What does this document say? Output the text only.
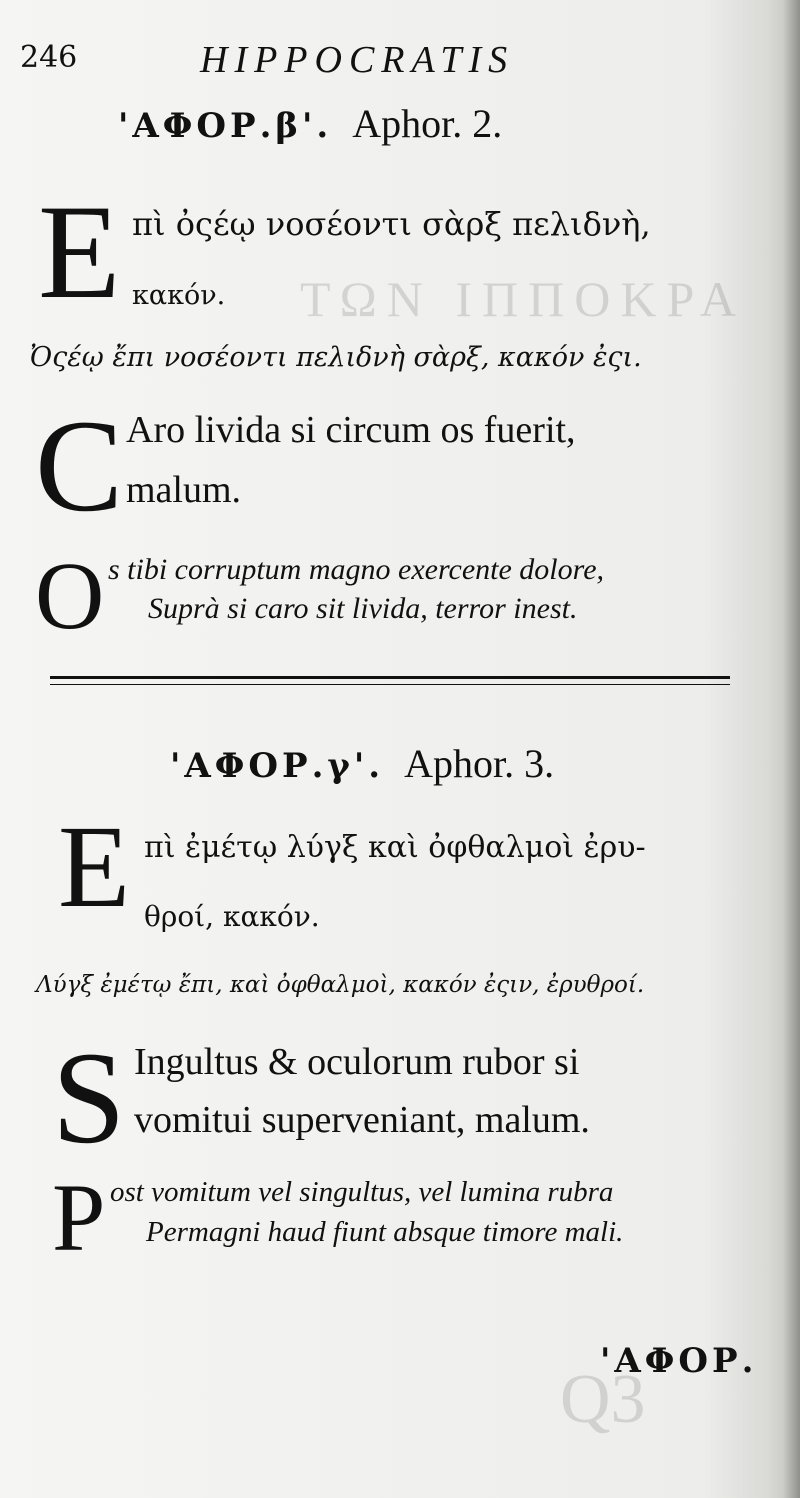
ΤΩΝ ΙΠΠΟΚΡΑ
Q3
246	HIPPOCRATIS
'ΑΦΟΡ.β'. Aphor. 2.
E πὶ ὀςέῳ νοσέοντι σὰρξ πελιδνὴ,
κακόν.
Ὀςέῳ ἔπι νοσέοντι πελιδνὴ σὰρξ, κακόν ἐςι.
C Aro livida si circum os fuerit,
malum.
O s tibi corruptum magno exercente dolore,
Suprà si caro sit livida, terror inest.
'ΑΦΟΡ.γ'. Aphor. 3.
E πὶ ἐμέτῳ λύγξ καὶ ὀφθαλμοὶ ἐρυ-
θροί, κακόν.
Λύγξ ἐμέτῳ ἔπι, καὶ ὀφθαλμοὶ, κακόν ἐςιν, ἐρυθροί.
S Ingultus & oculorum rubor si
vomitui superveniant, malum.
P ost vomitum vel singultus, vel lumina rubra
Permagni haud fiunt absque timore mali.
'ΑΦΟΡ.
